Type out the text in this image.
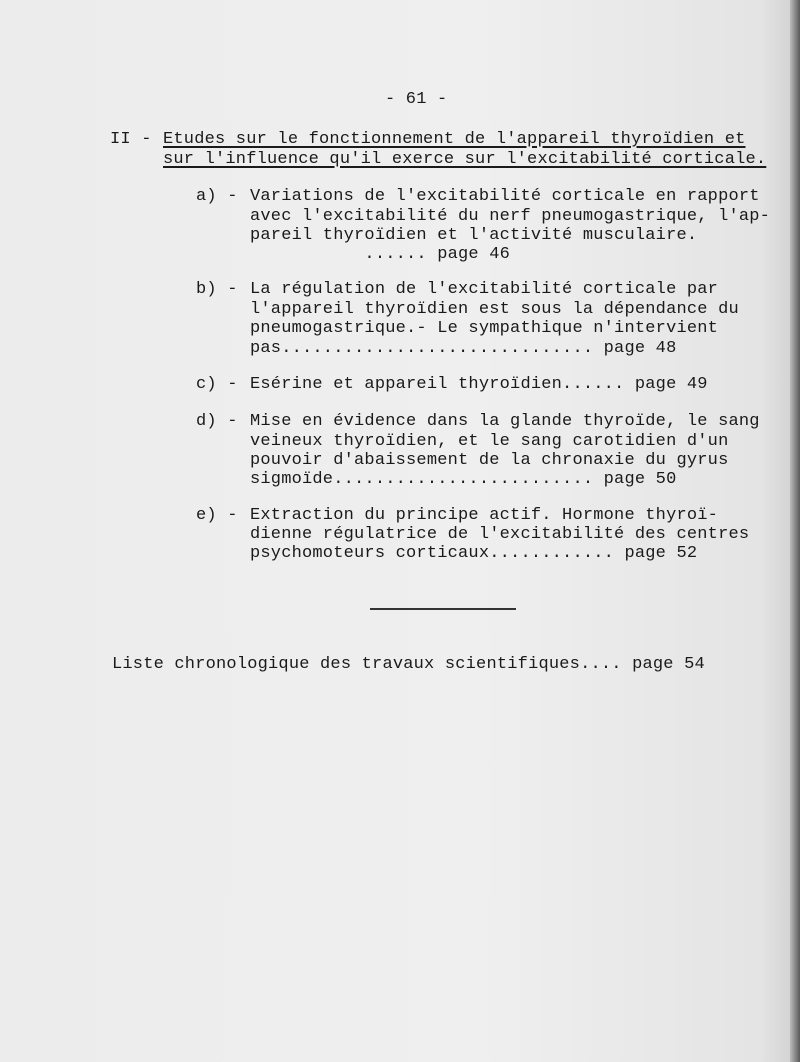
- 61 -
II - Etudes sur le fonctionnement de l'appareil thyroïdien et
sur l'influence qu'il exerce sur l'excitabilité corticale.
a) - Variations de l'excitabilité corticale en rapport
avec l'excitabilité du nerf pneumogastrique, l'ap-
pareil thyroïdien et l'activité musculaire.
...... page 46
b) - La régulation de l'excitabilité corticale par
l'appareil thyroïdien est sous la dépendance du
pneumogastrique.- Le sympathique n'intervient
pas.............................. page 48
c) - Esérine et appareil thyroïdien...... page 49
d) - Mise en évidence dans la glande thyroïde, le sang
veineux thyroïdien, et le sang carotidien d'un
pouvoir d'abaissement de la chronaxie du gyrus
sigmoïde......................... page 50
e) - Extraction du principe actif. Hormone thyroï-
dienne régulatrice de l'excitabilité des centres
psychomoteurs corticaux............ page 52
Liste chronologique des travaux scientifiques.... page 54
